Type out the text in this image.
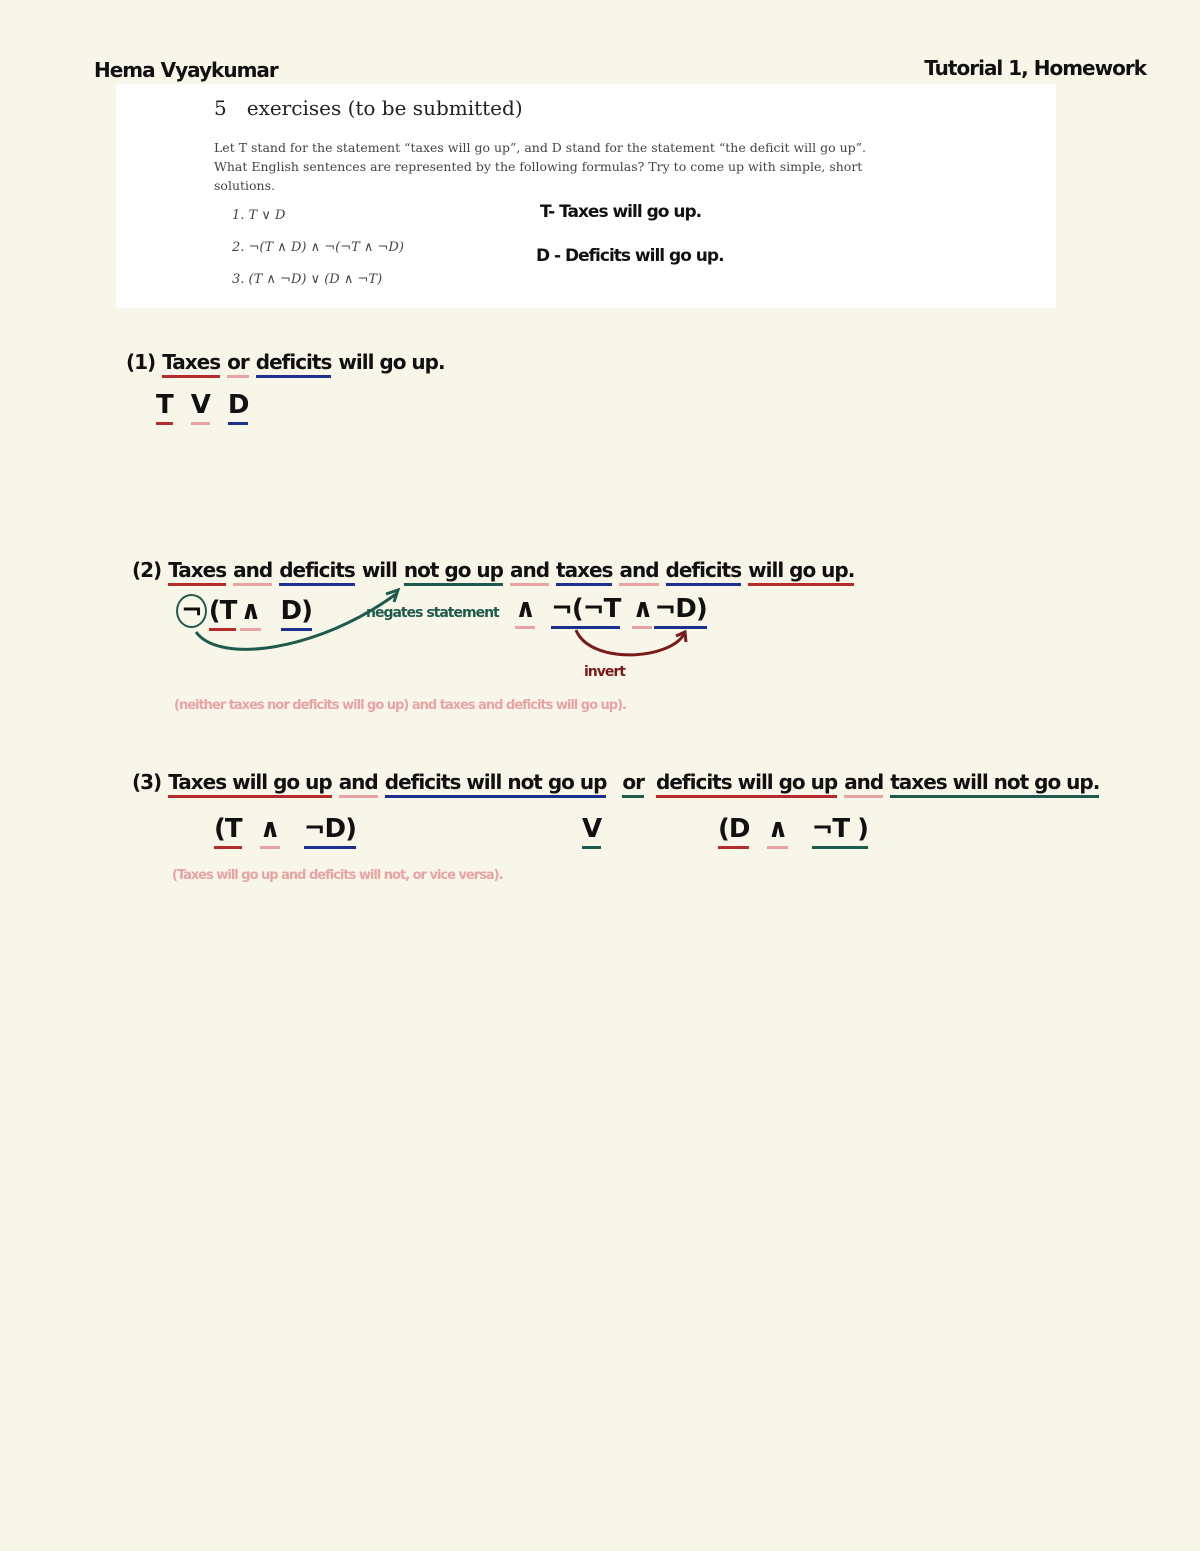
Hema Vyaykumar	Tutorial 1, Homework
5 exercises (to be submitted)
Let T stand for the statement “taxes will go up”, and D stand for the statement “the deficit will go up”. What English sentences are represented by the following formulas? Try to come up with simple, short solutions.
1. T ∨ D
2. ¬(T ∧ D) ∧ ¬(¬T ∧ ¬D)
3. (T ∧ ¬D) ∨ (D ∧ ¬T)
T- Taxes will go up.
D - Deficits will go up.
(1) Taxes or deficits will go up.
T V D
(2) Taxes and deficits will not go up and taxes and deficits will go up.
¬ (T ∧ D)	negates statement ∧ ¬(¬T ∧¬D)
invert
(neither taxes nor deficits will go up) and taxes and deficits will go up).
(3) Taxes will go up and deficits will not go up or deficits will go up and taxes will not go up.
(T ∧ ¬D)	V	(D ∧ ¬T )
(Taxes will go up and deficits will not, or vice versa).
